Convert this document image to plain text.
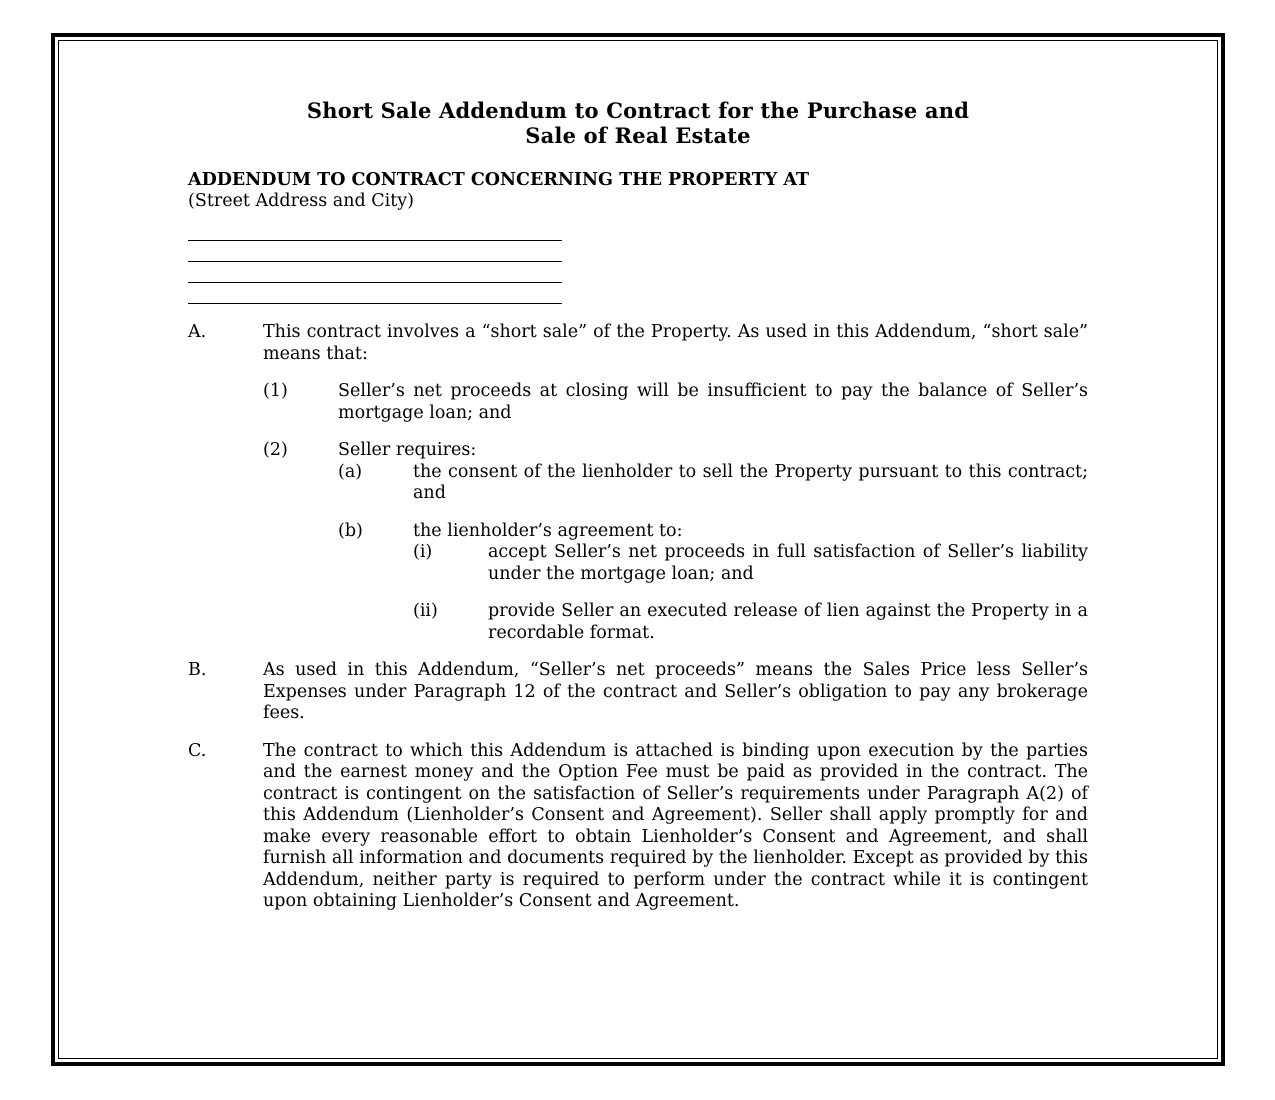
Short Sale Addendum to Contract for the Purchase and
Sale of Real Estate
ADDENDUM TO CONTRACT CONCERNING THE PROPERTY AT
(Street Address and City)
A.	This contract involves a “short sale” of the Property. As used in this Addendum, “short sale” means that:
(1)	Seller’s net proceeds at closing will be insufficient to pay the balance of Seller’s mortgage loan; and
(2)	Seller requires:
(a)	the consent of the lienholder to sell the Property pursuant to this contract; and
(b)	the lienholder’s agreement to:
(i)	accept Seller’s net proceeds in full satisfaction of Seller’s liability under the mortgage loan; and
(ii)	provide Seller an executed release of lien against the Property in a recordable format.
B.	As used in this Addendum, “Seller’s net proceeds” means the Sales Price less Seller’s Expenses under Paragraph 12 of the contract and Seller’s obligation to pay any brokerage fees.
C.	The contract to which this Addendum is attached is binding upon execution by the parties and the earnest money and the Option Fee must be paid as provided in the contract. The contract is contingent on the satisfaction of Seller’s requirements under Paragraph A(2) of this Addendum (Lienholder’s Consent and Agreement). Seller shall apply promptly for and make every reasonable effort to obtain Lienholder’s Consent and Agreement, and shall furnish all information and documents required by the lienholder. Except as provided by this Addendum, neither party is required to perform under the contract while it is contingent upon obtaining Lienholder’s Consent and Agreement.
